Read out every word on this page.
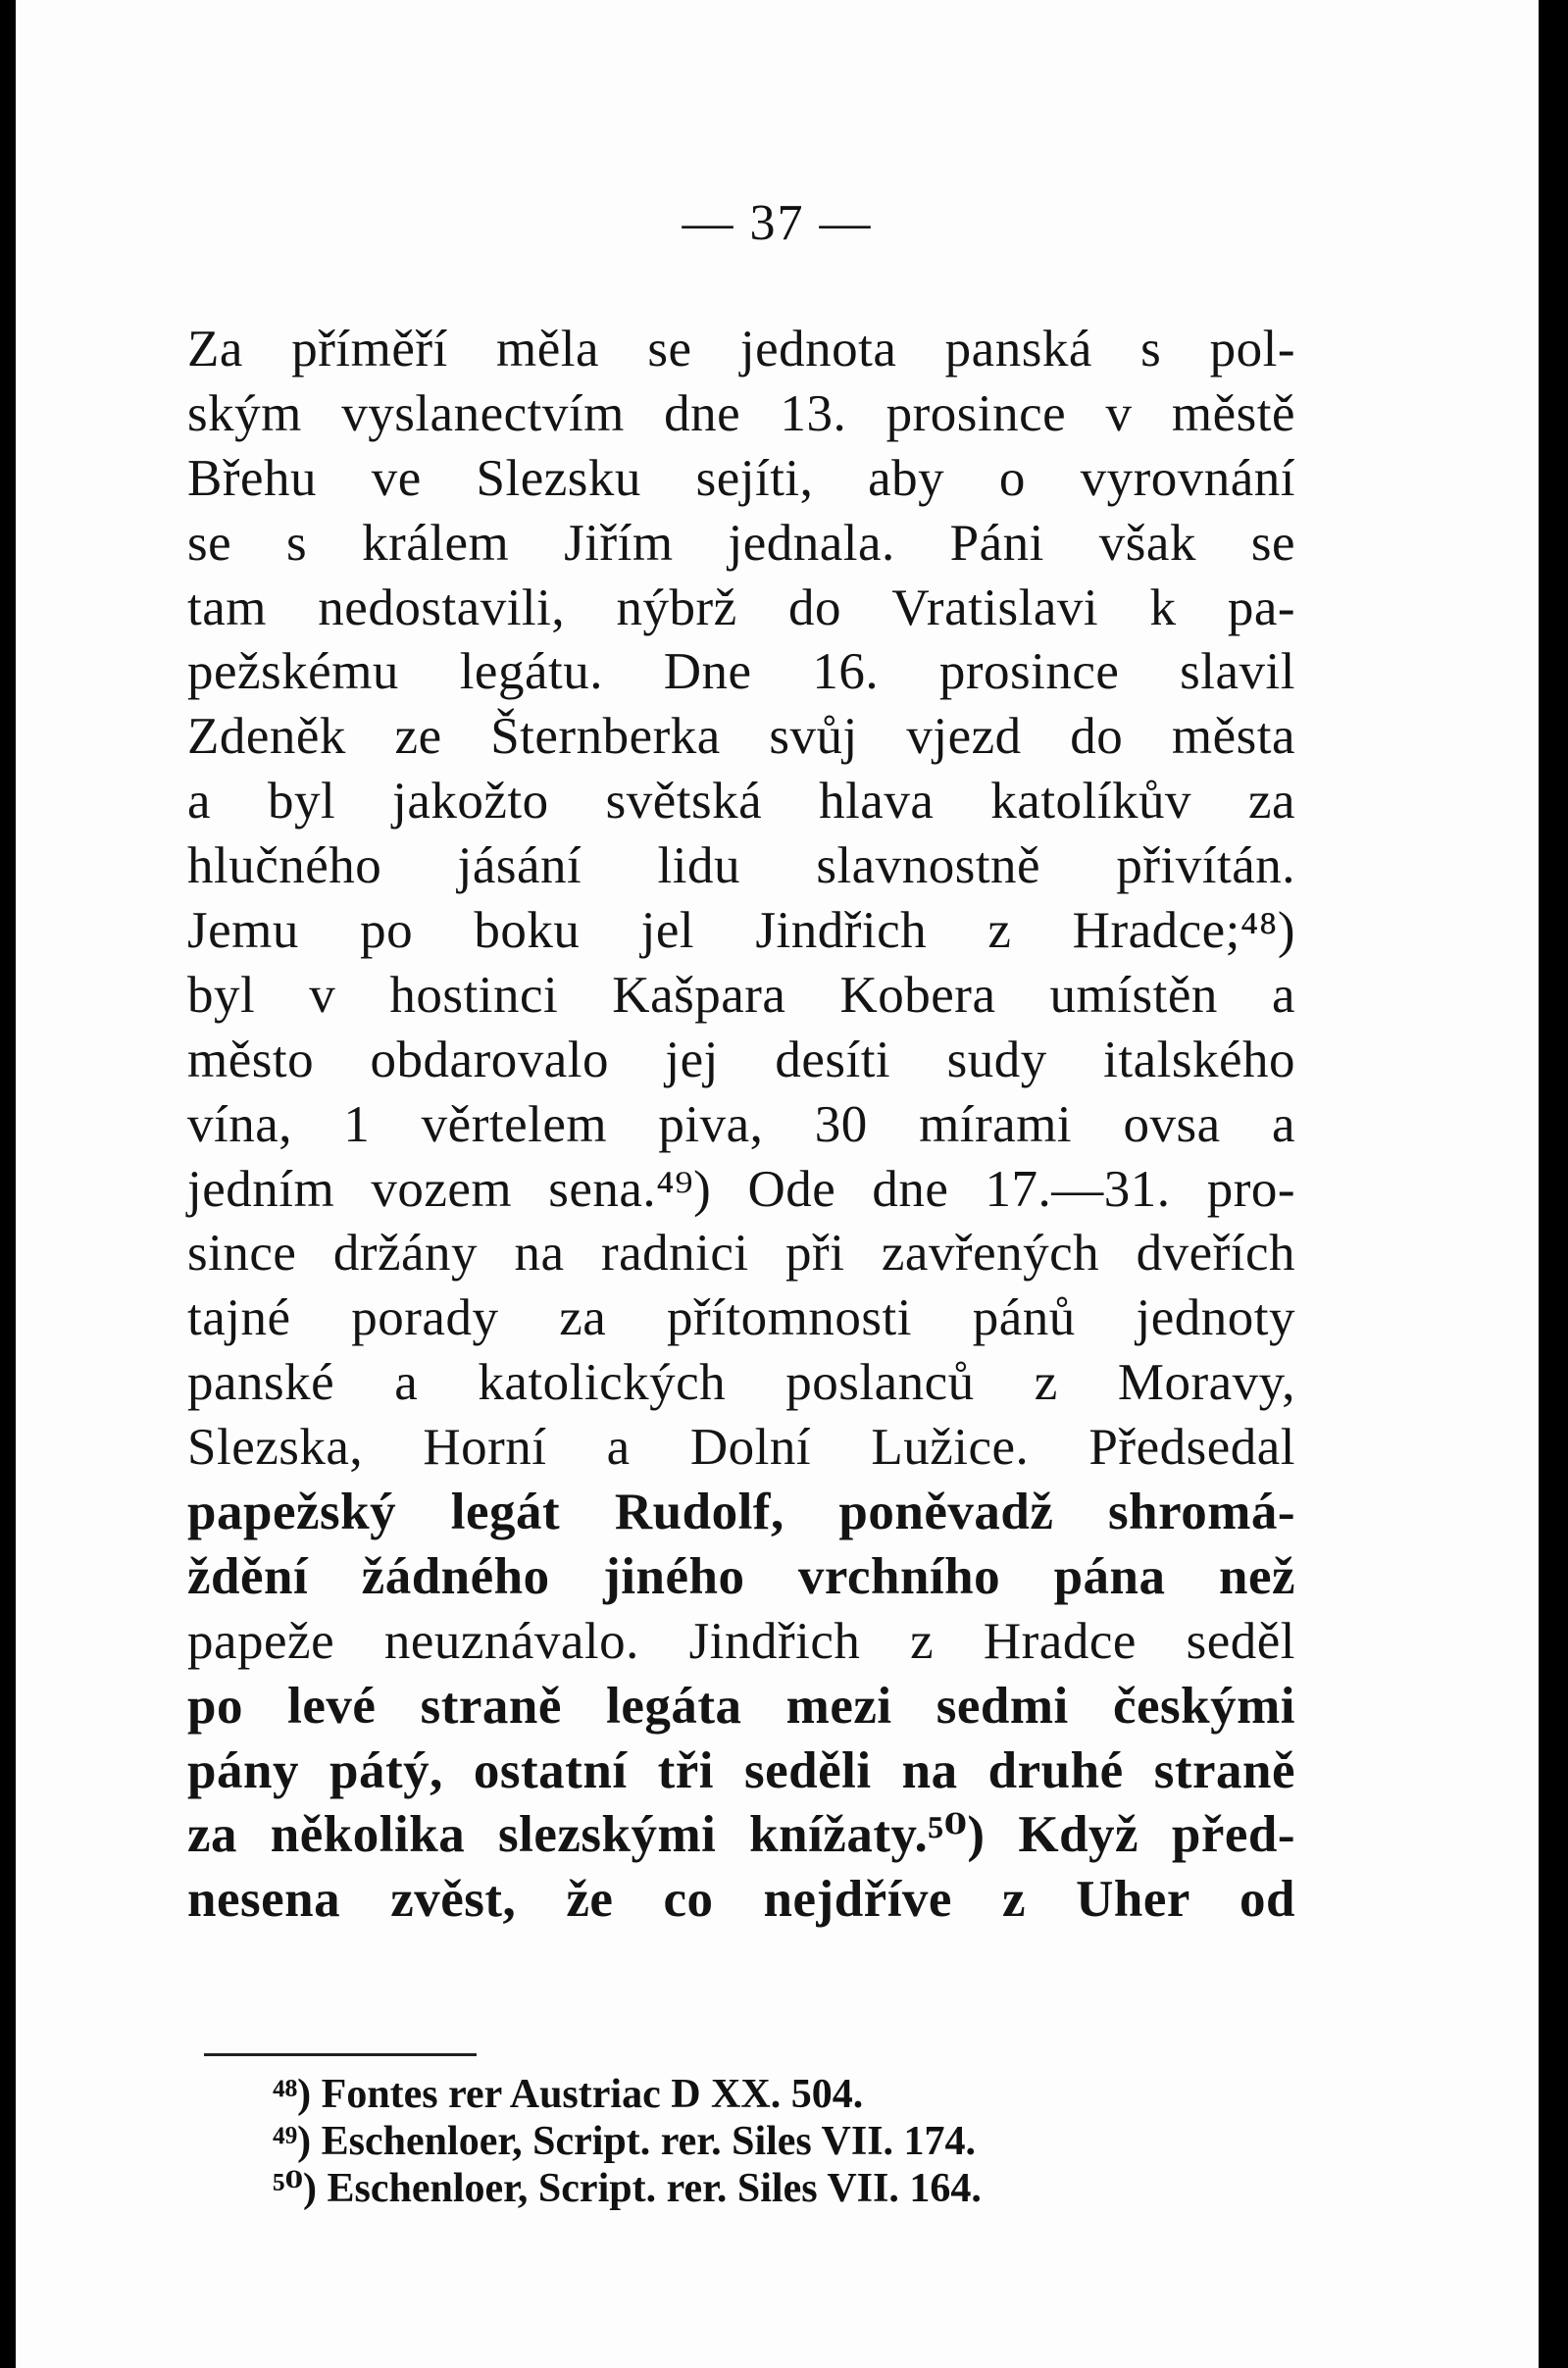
— 37 —
Za příměří měla se jednota panská s pol-
ským vyslanectvím dne 13. prosince v městě
Břehu ve Slezsku sejíti, aby o vyrovnání
se s králem Jiřím jednala. Páni však se
tam nedostavili, nýbrž do Vratislavi k pa-
pežskému legátu. Dne 16. prosince slavil
Zdeněk ze Šternberka svůj vjezd do města
a byl jakožto světská hlava katolíkův za
hlučného jásání lidu slavnostně přivítán.
Jemu po boku jel Jindřich z Hradce;⁴⁸)
byl v hostinci Kašpara Kobera umístěn a
město obdarovalo jej desíti sudy italského
vína, 1 věrtelem piva, 30 mírami ovsa a
jedním vozem sena.⁴⁹) Ode dne 17.—31. pro-
since držány na radnici při zavřených dveřích
tajné porady za přítomnosti pánů jednoty
panské a katolických poslanců z Moravy,
Slezska, Horní a Dolní Lužice. Předsedal
papežský legát Rudolf, poněvadž shromá-
ždění žádného jiného vrchního pána než
papeže neuznávalo. Jindřich z Hradce seděl
po levé straně legáta mezi sedmi českými
pány pátý, ostatní tři seděli na druhé straně
za několika slezskými knížaty.⁵⁰) Když před-
nesena zvěst, že co nejdříve z Uher od
⁴⁸) Fontes rer Austriac D XX. 504.
⁴⁹) Eschenloer, Script. rer. Siles VII. 174.
⁵⁰) Eschenloer, Script. rer. Siles VII. 164.
